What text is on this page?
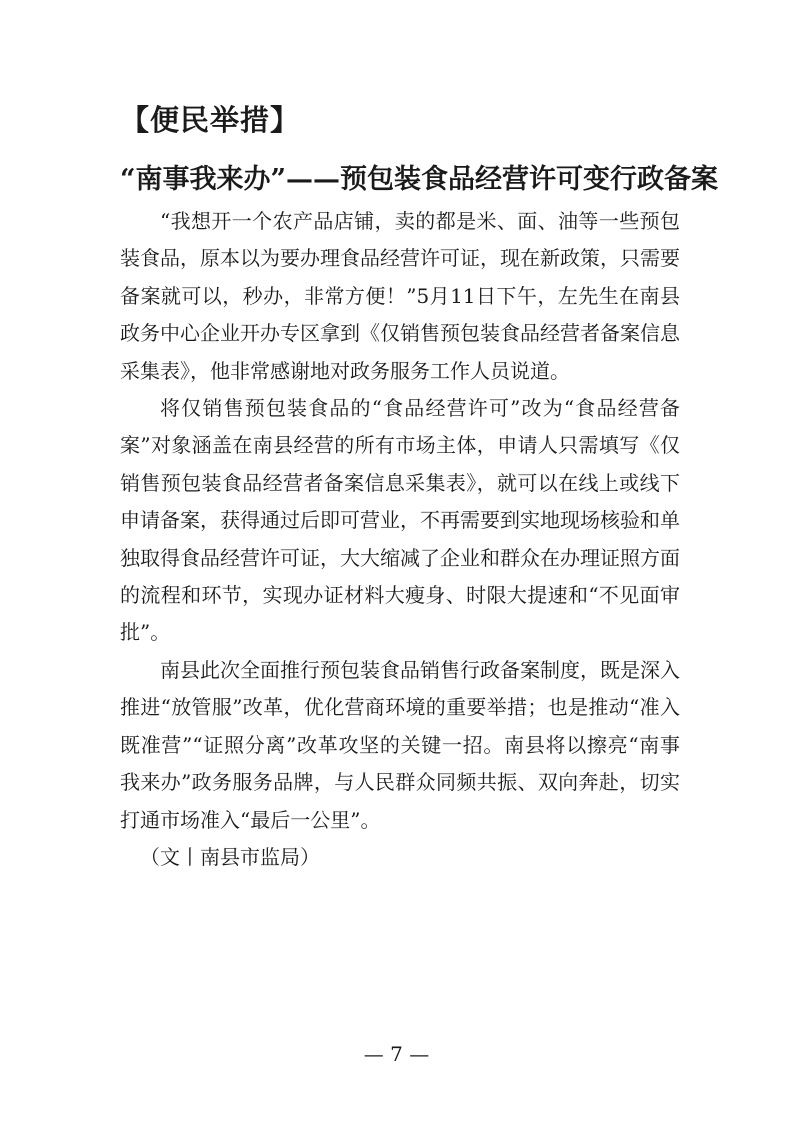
【便民举措】
“南事我来办”——预包装食品经营许可变行政备案

“我想开一个农产品店铺，卖的都是米、面、油等一些预包装食品，原本以为要办理食品经营许可证，现在新政策，只需要备案就可以，秒办，非常方便！”5月11日下午，左先生在南县政务中心企业开办专区拿到《仅销售预包装食品经营者备案信息采集表》，他非常感谢地对政务服务工作人员说道。

将仅销售预包装食品的“食品经营许可”改为“食品经营备案”对象涵盖在南县经营的所有市场主体，申请人只需填写《仅销售预包装食品经营者备案信息采集表》，就可以在线上或线下申请备案，获得通过后即可营业，不再需要到实地现场核验和单独取得食品经营许可证，大大缩减了企业和群众在办理证照方面的流程和环节，实现办证材料大瘦身、时限大提速和“不见面审批”。

南县此次全面推行预包装食品销售行政备案制度，既是深入推进“放管服”改革，优化营商环境的重要举措；也是推动“准入既准营”“证照分离”改革攻坚的关键一招。南县将以擦亮“南事我来办”政务服务品牌，与人民群众同频共振、双向奔赴，切实打通市场准入“最后一公里”。

（文丨南县市监局）

— 7 —
